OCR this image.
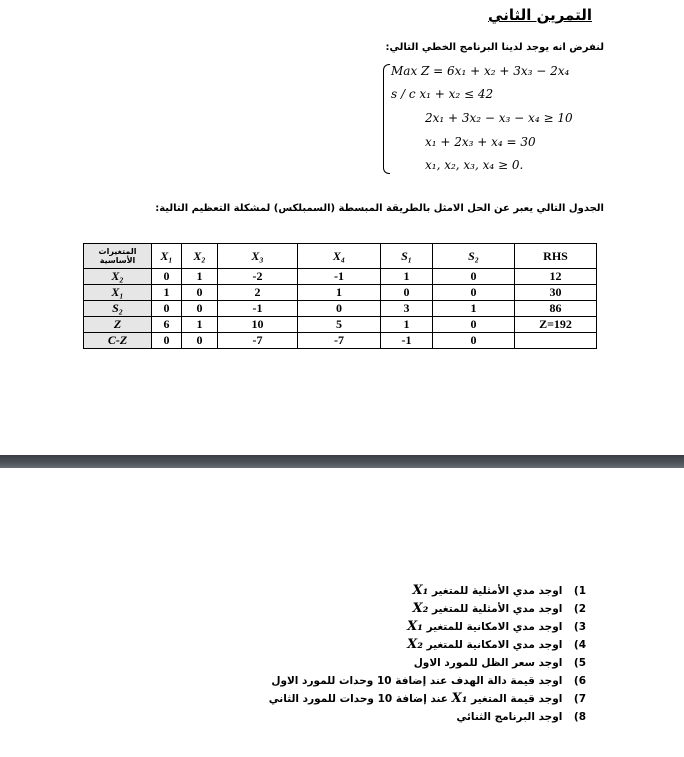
التمرين الثاني
لنفرض انه يوجد لدينا البرنامج الخطي التالي:
Max Z = 6x₁ + x₂ + 3x₃ − 2x₄
s / c x₁ + x₂ ≤ 42
2x₁ + 3x₂ − x₃ − x₄ ≥ 10
x₁ + 2x₃ + x₄ = 30
x₁, x₂, x₃, x₄ ≥ 0.
الجدول التالي يعبر عن الحل الامثل بالطريقة المبسطة (السمبلكس) لمشكلة التعظيم التالية:
المتغيرات الأساسية	X₁	X₂	X₃	X₄	S₁	S₂	RHS
X₂	0	1	-2	-1	1	0	12
X₁	1	0	2	1	0	0	30
S₂	0	0	-1	0	3	1	86
Z	6	1	10	5	1	0	Z=192
C-Z	0	0	-7	-7	-1	0	
1) اوجد مدي الأمثلية للمتغير X₁
2) اوجد مدي الأمثلية للمتغير X₂
3) اوجد مدي الامكانية للمتغير X₁
4) اوجد مدي الامكانية للمتغير X₂
5) اوجد سعر الظل للمورد الاول
6) اوجد قيمة دالة الهدف عند إضافة 10 وحدات للمورد الاول
7) اوجد قيمة المتغير X₁ عند إضافة 10 وحدات للمورد الثاني
8) اوجد البرنامج الثنائي
